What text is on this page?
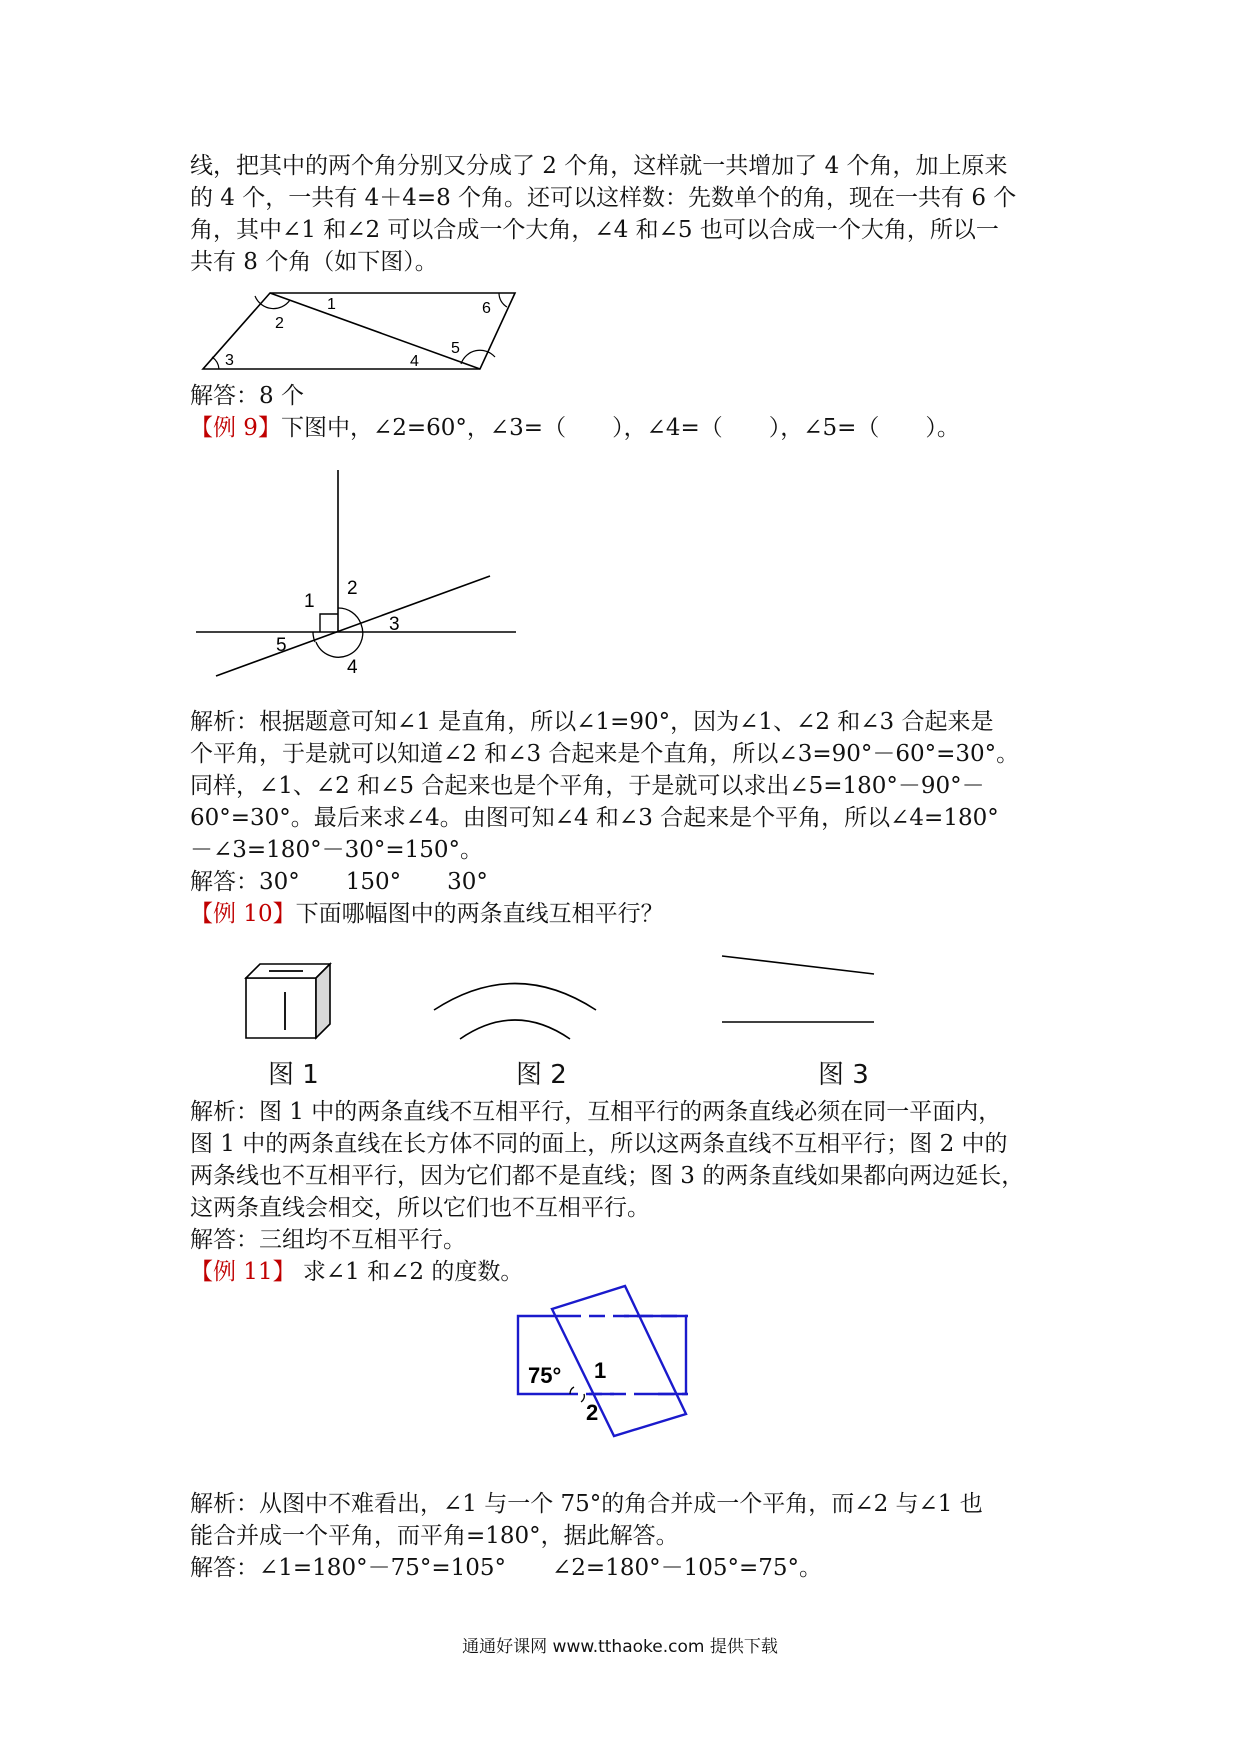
线，把其中的两个角分别又分成了 2 个角，这样就一共增加了 4 个角，加上原来
的 4 个，一共有 4＋4=8 个角。还可以这样数：先数单个的角，现在一共有 6 个
角，其中∠1 和∠2 可以合成一个大角，∠4 和∠5 也可以合成一个大角，所以一
共有 8 个角（如下图）。
1
2
3	4
5
6
解答：8 个
【例 9】下图中，∠2=60°，∠3=（　　），∠4=（　　），∠5=（　　）。
1
2
3
4
5
解析：根据题意可知∠1 是直角，所以∠1=90°，因为∠1、∠2 和∠3 合起来是
个平角，于是就可以知道∠2 和∠3 合起来是个直角，所以∠3=90°－60°=30°。
同样，∠1、∠2 和∠5 合起来也是个平角，于是就可以求出∠5=180°－90°－
60°=30°。最后来求∠4。由图可知∠4 和∠3 合起来是个平角，所以∠4=180°
－∠3=180°－30°=150°。
解答：30°　　150°　　30°
【例 10】下面哪幅图中的两条直线互相平行？
图 1	图 2	图 3
解析：图 1 中的两条直线不互相平行，互相平行的两条直线必须在同一平面内，
图 1 中的两条直线在长方体不同的面上，所以这两条直线不互相平行；图 2 中的
两条线也不互相平行，因为它们都不是直线；图 3 的两条直线如果都向两边延长，
这两条直线会相交，所以它们也不互相平行。
解答：三组均不互相平行。
【例 11】 求∠1 和∠2 的度数。
75° 1
2
解析：从图中不难看出，∠1 与一个 75°的角合并成一个平角，而∠2 与∠1 也
能合并成一个平角，而平角=180°，据此解答。
解答：∠1=180°－75°=105°　　∠2=180°－105°=75°。
通通好课网 www.tthaoke.com 提供下载
